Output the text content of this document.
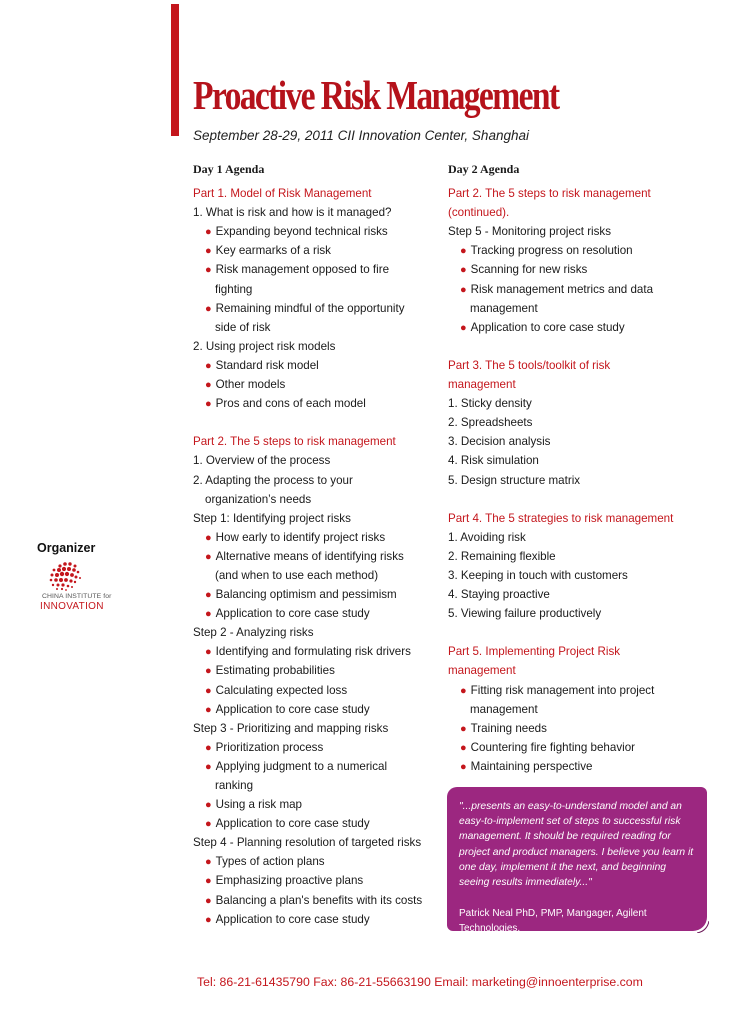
Proactive Risk Management

September 28-29, 2011 CII Innovation Center, Shanghai

Day 1 Agenda
Part 1. Model of Risk Management
1. What is risk and how is it managed?
● Expanding beyond technical risks
● Key earmarks of a risk
● Risk management opposed to fire
fighting
● Remaining mindful of the opportunity
side of risk
2. Using project risk models
● Standard risk model
● Other models
● Pros and cons of each model
Part 2. The 5 steps to risk management
1. Overview of the process
2. Adapting the process to your
organization’s needs
Step 1: Identifying project risks
● How early to identify project risks
● Alternative means of identifying risks
(and when to use each method)
● Balancing optimism and pessimism
● Application to core case study
Step 2 - Analyzing risks
● Identifying and formulating risk drivers
● Estimating probabilities
● Calculating expected loss
● Application to core case study
Step 3 - Prioritizing and mapping risks
● Prioritization process
● Applying judgment to a numerical
ranking
● Using a risk map
● Application to core case study
Step 4 - Planning resolution of targeted risks
● Types of action plans
● Emphasizing proactive plans
● Balancing a plan's benefits with its costs
● Application to core case study
Day 2 Agenda
Part 2. The 5 steps to risk management
(continued).
Step 5 - Monitoring project risks
● Tracking progress on resolution
● Scanning for new risks
● Risk management metrics and data
management
● Application to core case study
Part 3. The 5 tools/toolkit of risk
management
1. Sticky density
2. Spreadsheets
3. Decision analysis
4. Risk simulation
5. Design structure matrix
Part 4. The 5 strategies to risk management
1. Avoiding risk
2. Remaining flexible
3. Keeping in touch with customers
4. Staying proactive
5. Viewing failure productively
Part 5. Implementing Project Risk
management
● Fitting risk management into project
management
● Training needs
● Countering fire fighting behavior
● Maintaining perspective
"...presents an easy-to-understand model and an
easy-to-implement set of steps to successful risk
management. It should be required reading for
project and product managers. I believe you learn it
one day, implement it the next, and beginning
seeing results immediately..."
Patrick Neal PhD, PMP, Mangager, Agilent
Technologies.
Organizer
CHINA INSTITUTE for
INNOVATION

Tel: 86-21-61435790 Fax: 86-21-55663190 Email: marketing@innoenterprise.com
